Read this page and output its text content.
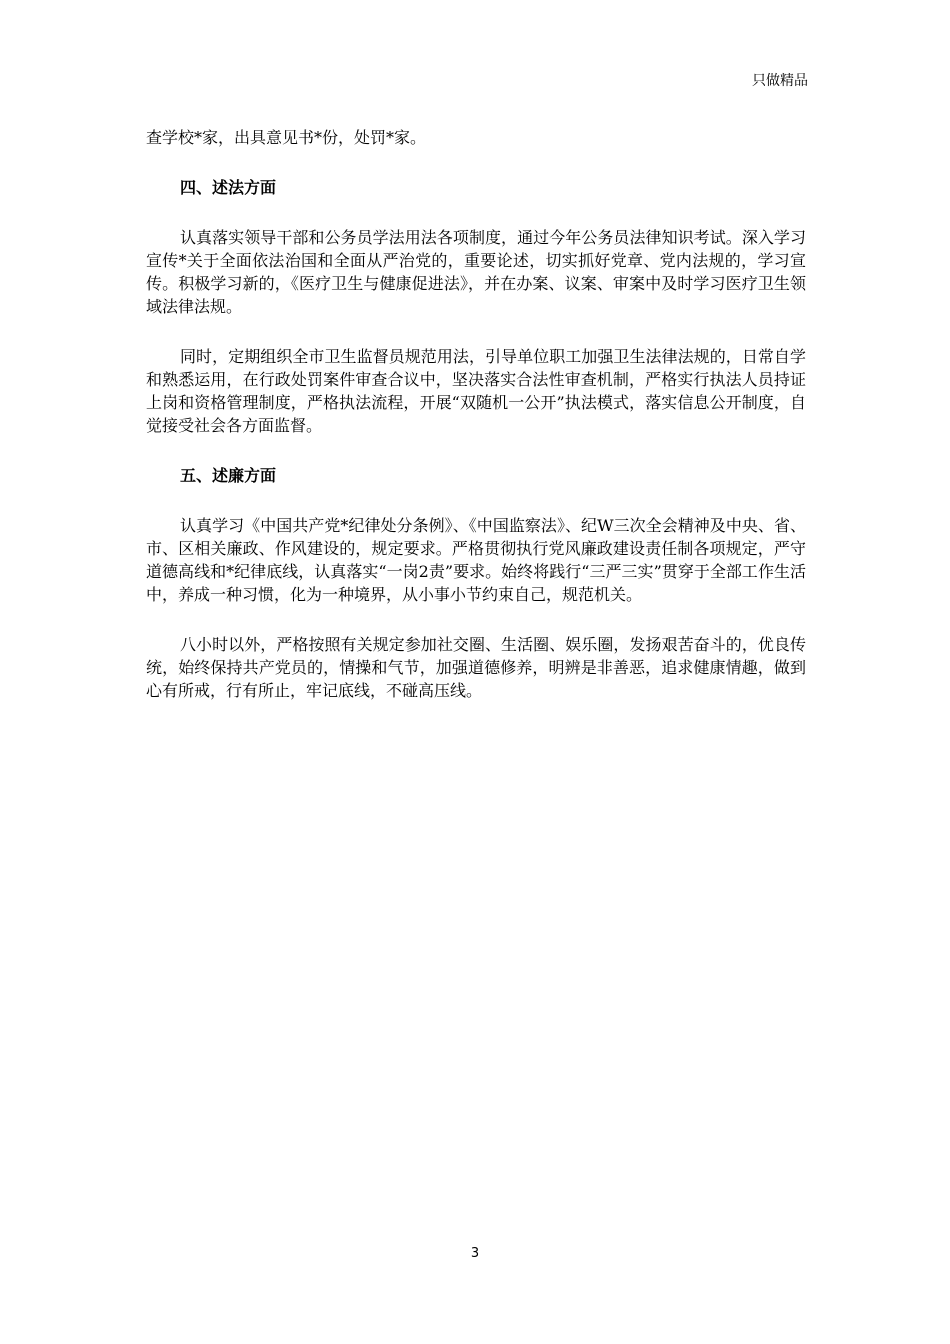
只做精品

查学校*家，出具意见书*份，处罚*家。

四、述法方面

认真落实领导干部和公务员学法用法各项制度，通过今年公务员法律知识考试。深入学习宣传*关于全面依法治国和全面从严治党的，重要论述，切实抓好党章、党内法规的，学习宣传。积极学习新的，《医疗卫生与健康促进法》，并在办案、议案、审案中及时学习医疗卫生领域法律法规。

同时，定期组织全市卫生监督员规范用法，引导单位职工加强卫生法律法规的，日常自学和熟悉运用，在行政处罚案件审查合议中，坚决落实合法性审查机制，严格实行执法人员持证上岗和资格管理制度，严格执法流程，开展“双随机一公开”执法模式，落实信息公开制度，自觉接受社会各方面监督。

五、述廉方面

认真学习《中国共产党*纪律处分条例》、《中国监察法》、纪W三次全会精神及中央、省、市、区相关廉政、作风建设的，规定要求。严格贯彻执行党风廉政建设责任制各项规定，严守道德高线和*纪律底线，认真落实“一岗2责”要求。始终将践行“三严三实”贯穿于全部工作生活中，养成一种习惯，化为一种境界，从小事小节约束自己，规范机关。

八小时以外，严格按照有关规定参加社交圈、生活圈、娱乐圈，发扬艰苦奋斗的，优良传统，始终保持共产党员的，情操和气节，加强道德修养，明辨是非善恶，追求健康情趣，做到心有所戒，行有所止，牢记底线，不碰高压线。

3
